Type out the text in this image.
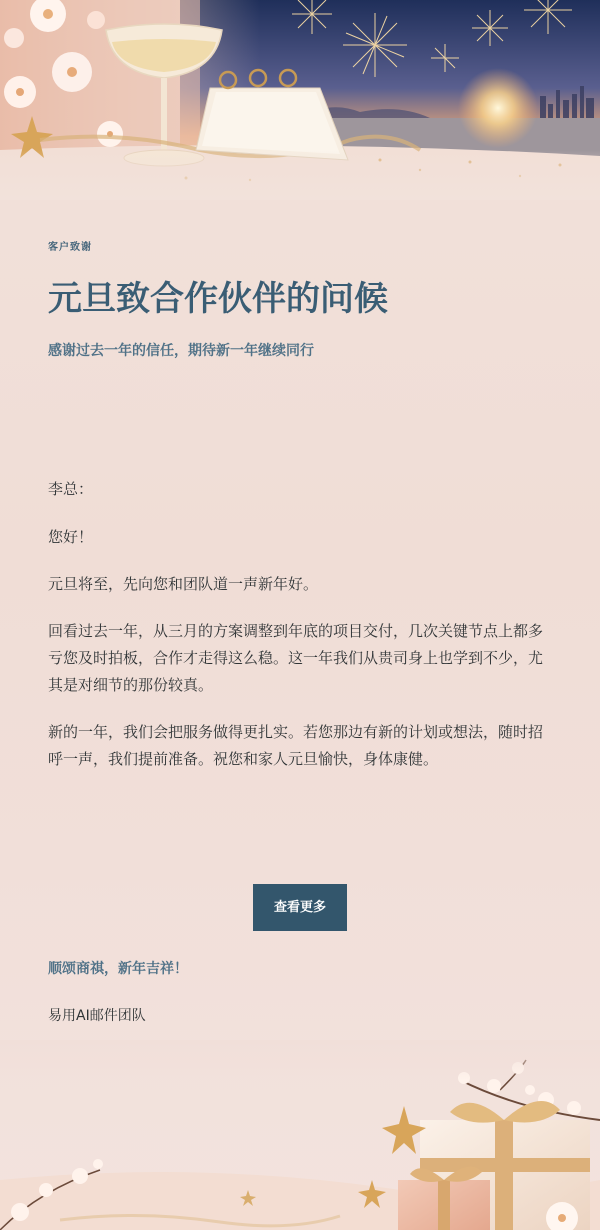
客户致谢
元旦致合作伙伴的问候
感谢过去一年的信任，期待新一年继续同行

李总：

您好！

元旦将至，先向您和团队道一声新年好。

回看过去一年，从三月的方案调整到年底的项目交付，几次关键节点上都多亏您及时拍板，合作才走得这么稳。这一年我们从贵司身上也学到不少，尤其是对细节的那份较真。

新的一年，我们会把服务做得更扎实。若您那边有新的计划或想法，随时招呼一声，我们提前准备。祝您和家人元旦愉快，身体康健。

查看更多
顺颂商祺，新年吉祥！
易用AI邮件团队
